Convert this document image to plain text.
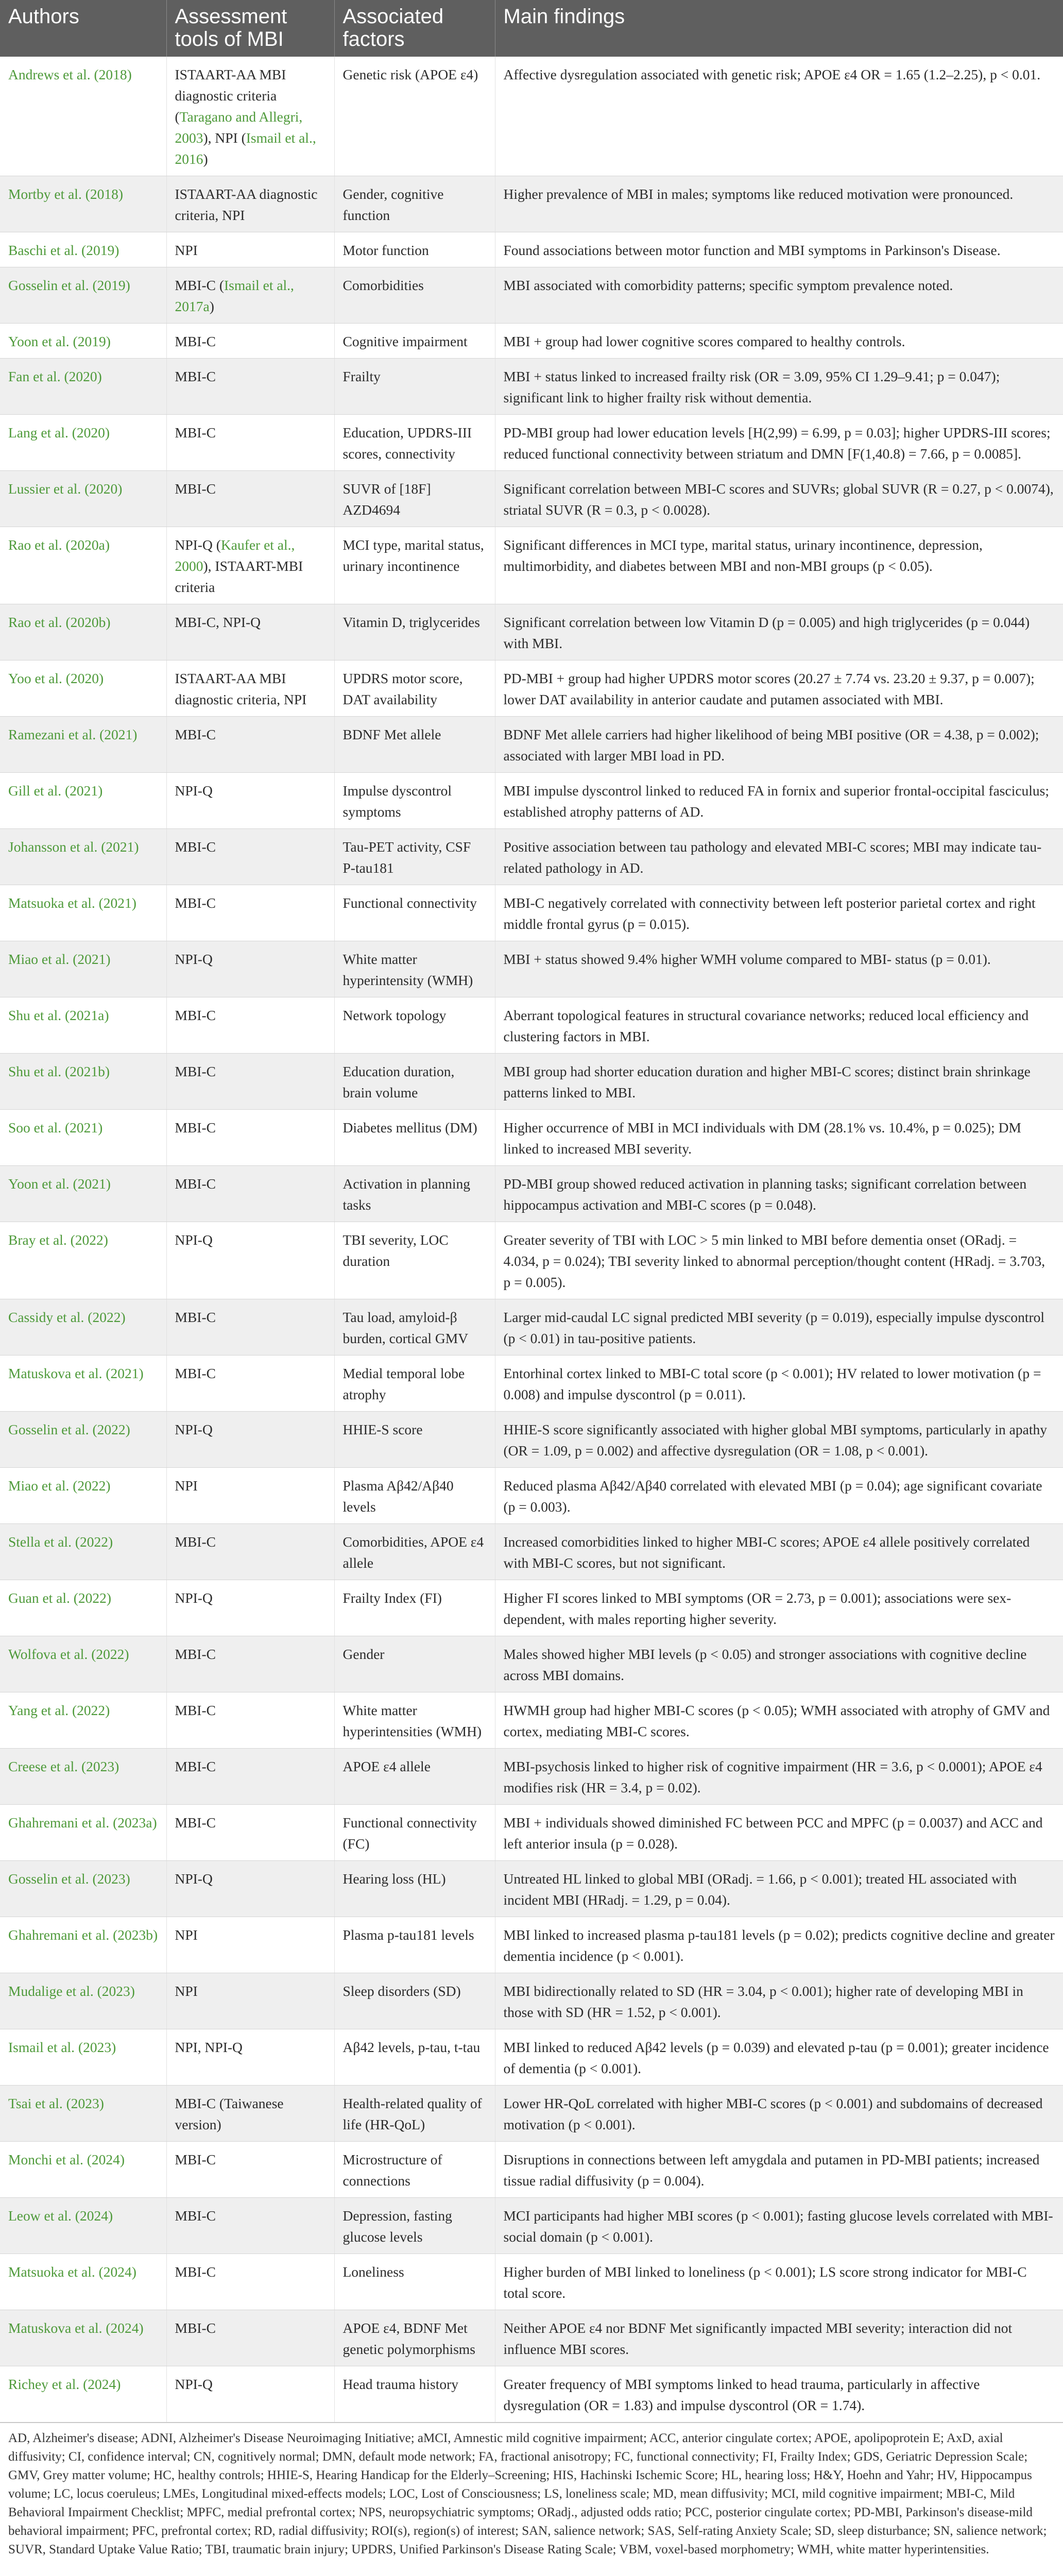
Authors	Assessment tools of MBI	Associated factors	Main findings
Andrews et al. (2018)	ISTAART-AA MBI diagnostic criteria (Taragano and Allegri, 2003), NPI (Ismail et al., 2016)	Genetic risk (APOE ε4)	Affective dysregulation associated with genetic risk; APOE ε4 OR = 1.65 (1.2–2.25), p < 0.01.
Mortby et al. (2018)	ISTAART-AA diagnostic criteria, NPI	Gender, cognitive function	Higher prevalence of MBI in males; symptoms like reduced motivation were pronounced.
Baschi et al. (2019)	NPI	Motor function	Found associations between motor function and MBI symptoms in Parkinson's Disease.
Gosselin et al. (2019)	MBI-C (Ismail et al., 2017a)	Comorbidities	MBI associated with comorbidity patterns; specific symptom prevalence noted.
Yoon et al. (2019)	MBI-C	Cognitive impairment	MBI + group had lower cognitive scores compared to healthy controls.
Fan et al. (2020)	MBI-C	Frailty	MBI + status linked to increased frailty risk (OR = 3.09, 95% CI 1.29–9.41; p = 0.047); significant link to higher frailty risk without dementia.
Lang et al. (2020)	MBI-C	Education, UPDRS-III scores, connectivity	PD-MBI group had lower education levels [H(2,99) = 6.99, p = 0.03]; higher UPDRS-III scores; reduced functional connectivity between striatum and DMN [F(1,40.8) = 7.66, p = 0.0085].
Lussier et al. (2020)	MBI-C	SUVR of [18F] AZD4694	Significant correlation between MBI-C scores and SUVRs; global SUVR (R = 0.27, p < 0.0074), striatal SUVR (R = 0.3, p < 0.0028).
Rao et al. (2020a)	NPI-Q (Kaufer et al., 2000), ISTAART-MBI criteria	MCI type, marital status, urinary incontinence	Significant differences in MCI type, marital status, urinary incontinence, depression, multimorbidity, and diabetes between MBI and non-MBI groups (p < 0.05).
Rao et al. (2020b)	MBI-C, NPI-Q	Vitamin D, triglycerides	Significant correlation between low Vitamin D (p = 0.005) and high triglycerides (p = 0.044) with MBI.
Yoo et al. (2020)	ISTAART-AA MBI diagnostic criteria, NPI	UPDRS motor score, DAT availability	PD-MBI + group had higher UPDRS motor scores (20.27 ± 7.74 vs. 23.20 ± 9.37, p = 0.007); lower DAT availability in anterior caudate and putamen associated with MBI.
Ramezani et al. (2021)	MBI-C	BDNF Met allele	BDNF Met allele carriers had higher likelihood of being MBI positive (OR = 4.38, p = 0.002); associated with larger MBI load in PD.
Gill et al. (2021)	NPI-Q	Impulse dyscontrol symptoms	MBI impulse dyscontrol linked to reduced FA in fornix and superior frontal-occipital fasciculus; established atrophy patterns of AD.
Johansson et al. (2021)	MBI-C	Tau-PET activity, CSF P-tau181	Positive association between tau pathology and elevated MBI-C scores; MBI may indicate tau-related pathology in AD.
Matsuoka et al. (2021)	MBI-C	Functional connectivity	MBI-C negatively correlated with connectivity between left posterior parietal cortex and right middle frontal gyrus (p = 0.015).
Miao et al. (2021)	NPI-Q	White matter hyperintensity (WMH)	MBI + status showed 9.4% higher WMH volume compared to MBI- status (p = 0.01).
Shu et al. (2021a)	MBI-C	Network topology	Aberrant topological features in structural covariance networks; reduced local efficiency and clustering factors in MBI.
Shu et al. (2021b)	MBI-C	Education duration, brain volume	MBI group had shorter education duration and higher MBI-C scores; distinct brain shrinkage patterns linked to MBI.
Soo et al. (2021)	MBI-C	Diabetes mellitus (DM)	Higher occurrence of MBI in MCI individuals with DM (28.1% vs. 10.4%, p = 0.025); DM linked to increased MBI severity.
Yoon et al. (2021)	MBI-C	Activation in planning tasks	PD-MBI group showed reduced activation in planning tasks; significant correlation between hippocampus activation and MBI-C scores (p = 0.048).
Bray et al. (2022)	NPI-Q	TBI severity, LOC duration	Greater severity of TBI with LOC > 5 min linked to MBI before dementia onset (ORadj. = 4.034, p = 0.024); TBI severity linked to abnormal perception/thought content (HRadj. = 3.703, p = 0.005).
Cassidy et al. (2022)	MBI-C	Tau load, amyloid-β burden, cortical GMV	Larger mid-caudal LC signal predicted MBI severity (p = 0.019), especially impulse dyscontrol (p < 0.01) in tau-positive patients.
Matuskova et al. (2021)	MBI-C	Medial temporal lobe atrophy	Entorhinal cortex linked to MBI-C total score (p < 0.001); HV related to lower motivation (p = 0.008) and impulse dyscontrol (p = 0.011).
Gosselin et al. (2022)	NPI-Q	HHIE-S score	HHIE-S score significantly associated with higher global MBI symptoms, particularly in apathy (OR = 1.09, p = 0.002) and affective dysregulation (OR = 1.08, p < 0.001).
Miao et al. (2022)	NPI	Plasma Aβ42/Aβ40 levels	Reduced plasma Aβ42/Aβ40 correlated with elevated MBI (p = 0.04); age significant covariate (p = 0.003).
Stella et al. (2022)	MBI-C	Comorbidities, APOE ε4 allele	Increased comorbidities linked to higher MBI-C scores; APOE ε4 allele positively correlated with MBI-C scores, but not significant.
Guan et al. (2022)	NPI-Q	Frailty Index (FI)	Higher FI scores linked to MBI symptoms (OR = 2.73, p = 0.001); associations were sex-dependent, with males reporting higher severity.
Wolfova et al. (2022)	MBI-C	Gender	Males showed higher MBI levels (p < 0.05) and stronger associations with cognitive decline across MBI domains.
Yang et al. (2022)	MBI-C	White matter hyperintensities (WMH)	HWMH group had higher MBI-C scores (p < 0.05); WMH associated with atrophy of GMV and cortex, mediating MBI-C scores.
Creese et al. (2023)	MBI-C	APOE ε4 allele	MBI-psychosis linked to higher risk of cognitive impairment (HR = 3.6, p < 0.0001); APOE ε4 modifies risk (HR = 3.4, p = 0.02).
Ghahremani et al. (2023a)	MBI-C	Functional connectivity (FC)	MBI + individuals showed diminished FC between PCC and MPFC (p = 0.0037) and ACC and left anterior insula (p = 0.028).
Gosselin et al. (2023)	NPI-Q	Hearing loss (HL)	Untreated HL linked to global MBI (ORadj. = 1.66, p < 0.001); treated HL associated with incident MBI (HRadj. = 1.29, p = 0.04).
Ghahremani et al. (2023b)	NPI	Plasma p-tau181 levels	MBI linked to increased plasma p-tau181 levels (p = 0.02); predicts cognitive decline and greater dementia incidence (p < 0.001).
Mudalige et al. (2023)	NPI	Sleep disorders (SD)	MBI bidirectionally related to SD (HR = 3.04, p < 0.001); higher rate of developing MBI in those with SD (HR = 1.52, p < 0.001).
Ismail et al. (2023)	NPI, NPI-Q	Aβ42 levels, p-tau, t-tau	MBI linked to reduced Aβ42 levels (p = 0.039) and elevated p-tau (p = 0.001); greater incidence of dementia (p < 0.001).
Tsai et al. (2023)	MBI-C (Taiwanese version)	Health-related quality of life (HR-QoL)	Lower HR-QoL correlated with higher MBI-C scores (p < 0.001) and subdomains of decreased motivation (p < 0.001).
Monchi et al. (2024)	MBI-C	Microstructure of connections	Disruptions in connections between left amygdala and putamen in PD-MBI patients; increased tissue radial diffusivity (p = 0.004).
Leow et al. (2024)	MBI-C	Depression, fasting glucose levels	MCI participants had higher MBI scores (p < 0.001); fasting glucose levels correlated with MBI-social domain (p < 0.001).
Matsuoka et al. (2024)	MBI-C	Loneliness	Higher burden of MBI linked to loneliness (p < 0.001); LS score strong indicator for MBI-C total score.
Matuskova et al. (2024)	MBI-C	APOE ε4, BDNF Met genetic polymorphisms	Neither APOE ε4 nor BDNF Met significantly impacted MBI severity; interaction did not influence MBI scores.
Richey et al. (2024)	NPI-Q	Head trauma history	Greater frequency of MBI symptoms linked to head trauma, particularly in affective dysregulation (OR = 1.83) and impulse dyscontrol (OR = 1.74).
AD, Alzheimer's disease; ADNI, Alzheimer's Disease Neuroimaging Initiative; aMCI, Amnestic mild cognitive impairment; ACC, anterior cingulate cortex; APOE, apolipoprotein E; AxD, axial diffusivity; CI, confidence interval; CN, cognitively normal; DMN, default mode network; FA, fractional anisotropy; FC, functional connectivity; FI, Frailty Index; GDS, Geriatric Depression Scale; GMV, Grey matter volume; HC, healthy controls; HHIE-S, Hearing Handicap for the Elderly–Screening; HIS, Hachinski Ischemic Score; HL, hearing loss; H&Y, Hoehn and Yahr; HV, Hippocampus volume; LC, locus coeruleus; LMEs, Longitudinal mixed-effects models; LOC, Lost of Consciousness; LS, loneliness scale; MD, mean diffusivity; MCI, mild cognitive impairment; MBI-C, Mild Behavioral Impairment Checklist; MPFC, medial prefrontal cortex; NPS, neuropsychiatric symptoms; ORadj., adjusted odds ratio; PCC, posterior cingulate cortex; PD-MBI, Parkinson's disease-mild behavioral impairment; PFC, prefrontal cortex; RD, radial diffusivity; ROI(s), region(s) of interest; SAN, salience network; SAS, Self-rating Anxiety Scale; SD, sleep disturbance; SN, salience network; SUVR, Standard Uptake Value Ratio; TBI, traumatic brain injury; UPDRS, Unified Parkinson's Disease Rating Scale; VBM, voxel-based morphometry; WMH, white matter hyperintensities.
